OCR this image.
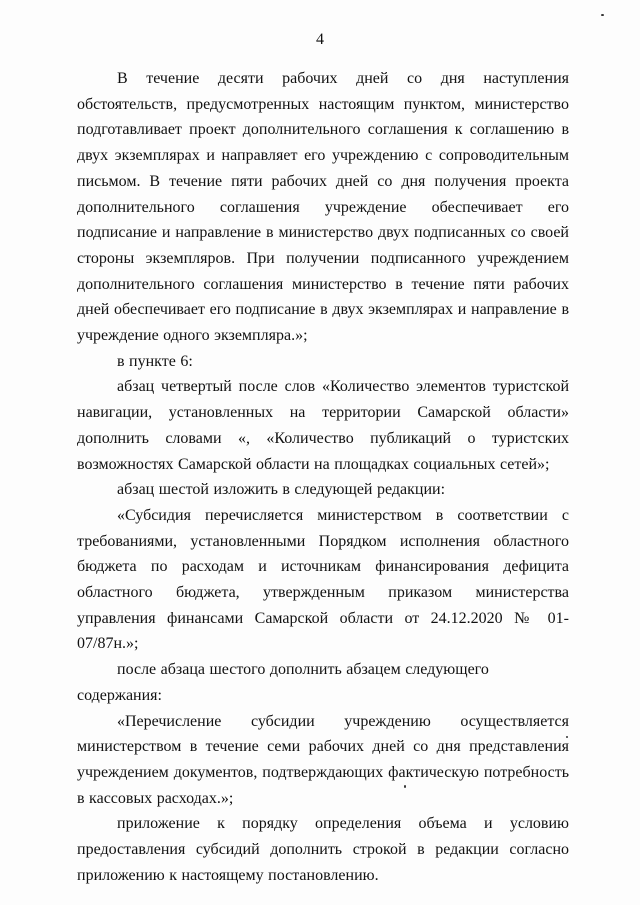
4

В течение десяти рабочих дней со дня наступления обстоятельств, предусмотренных настоящим пунктом, министерство подготавливает проект дополнительного соглашения к соглашению в двух экземплярах и направляет его учреждению с сопроводительным письмом. В течение пяти рабочих дней со дня получения проекта дополнительного соглашения учреждение обеспечивает его подписание и направление в министерство двух подписанных со своей стороны экземпляров. При получении подписанного учреждением дополнительного соглашения министерство в течение пяти рабочих дней обеспечивает его подписание в двух экземплярах и направление в учреждение одного экземпляра.»;

в пункте 6:

абзац четвертый после слов «Количество элементов туристской навигации, установленных на территории Самарской области» дополнить словами «, «Количество публикаций о туристских возможностях Самарской области на площадках социальных сетей»;

абзац шестой изложить в следующей редакции:

«Субсидия перечисляется министерством в соответствии с требованиями, установленными Порядком исполнения областного бюджета по расходам и источникам финансирования дефицита областного бюджета, утвержденным приказом министерства управления финансами Самарской области от 24.12.2020 № 01-07/87н.»;

после абзаца шестого дополнить абзацем следующего содержания:

«Перечисление субсидии учреждению осуществляется министерством в течение семи рабочих дней со дня представления учреждением документов, подтверждающих фактическую потребность в кассовых расходах.»;

приложение к порядку определения объема и условию предоставления субсидий дополнить строкой в редакции согласно приложению к настоящему постановлению.
